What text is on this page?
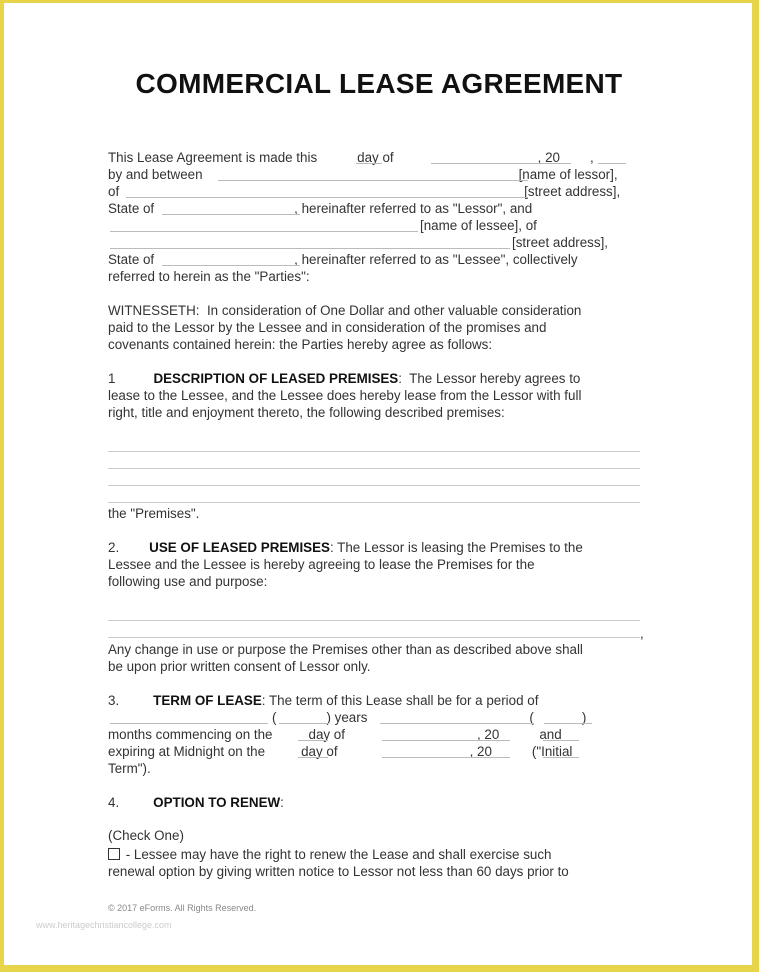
COMMERCIAL LEASE AGREEMENT
This Lease Agreement is made this	day of	, 20 ,
by and between	[name of lessor],
of	[street address],
State of	, hereinafter referred to as "Lessor", and
[name of lessee], of
[street address],
State of	, hereinafter referred to as "Lessee", collectively
referred to herein as the "Parties":
WITNESSETH:  In consideration of One Dollar and other valuable consideration
paid to the Lessor by the Lessee and in consideration of the promises and
covenants contained herein: the Parties hereby agree as follows:
1	DESCRIPTION OF LEASED PREMISES:  The Lessor hereby agrees to
lease to the Lessee, and the Lessee does hereby lease from the Lessor with full
right, title and enjoyment thereto, the following described premises:
the "Premises".
2. USE OF LEASED PREMISES: The Lessor is leasing the Premises to the
Lessee and the Lessee is hereby agreeing to lease the Premises for the
following use and purpose:
,
Any change in use or purpose the Premises other than as described above shall
be upon prior written consent of Lessor only.
3.	TERM OF LEASE: The term of this Lease shall be for a period of
(	) years	(	)
months commencing on the	day of	, 20	and
expiring at Midnight on the	day of	, 20	("Initial
Term").
4.	OPTION TO RENEW:
(Check One)
- Lessee may have the right to renew the Lease and shall exercise such
renewal option by giving written notice to Lessor not less than 60 days prior to
© 2017 eForms. All Rights Reserved.
www.heritagechristiancollege.com
